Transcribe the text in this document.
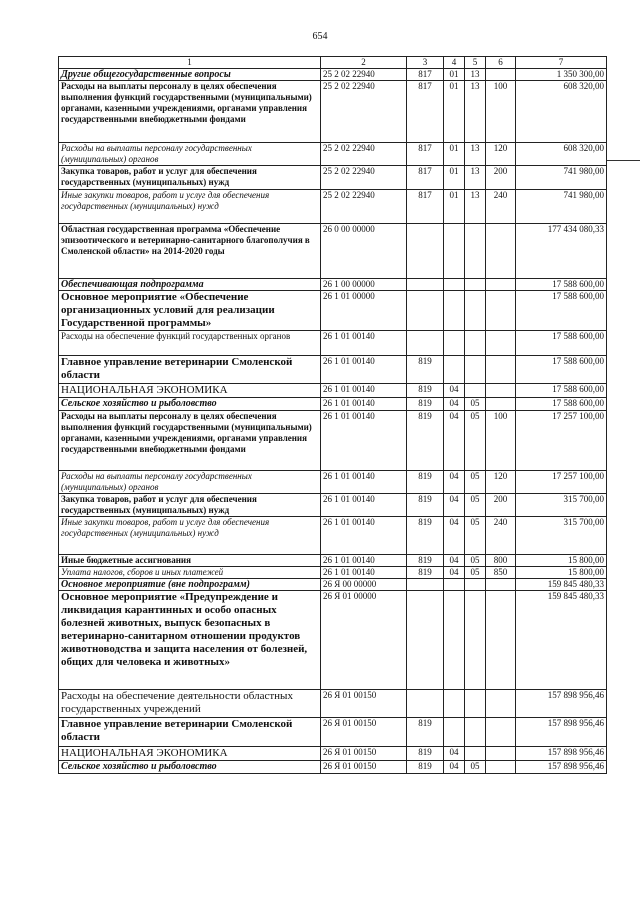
654
1	2	3	4	5	6	7
Другие общегосударственные вопросы	25 2 02 22940	817	01	13		1 350 300,00
Расходы на выплаты персоналу в целях обеспечения выполнения функций государственными (муниципальными) органами, казенными учреждениями, органами управления государственными внебюджетными фондами	25 2 02 22940	817	01	13	100	608 320,00
Расходы на выплаты персоналу государственных (муниципальных) органов	25 2 02 22940	817	01	13	120	608 320,00
Закупка товаров, работ и услуг для обеспечения государственных (муниципальных) нужд	25 2 02 22940	817	01	13	200	741 980,00
Иные закупки товаров, работ и услуг для обеспечения государственных (муниципальных) нужд	25 2 02 22940	817	01	13	240	741 980,00
Областная государственная программа «Обеспечение эпизоотического и ветеринарно-санитарного благополучия в Смоленской области» на 2014-2020 годы	26 0 00 00000					177 434 080,33
Обеспечивающая подпрограмма	26 1 00 00000					17 588 600,00
Основное мероприятие «Обеспечение организационных условий для реализации Государственной программы»	26 1 01 00000					17 588 600,00
Расходы на обеспечение функций государственных органов	26 1 01 00140					17 588 600,00
Главное управление ветеринарии Смоленской области	26 1 01 00140	819				17 588 600,00
НАЦИОНАЛЬНАЯ ЭКОНОМИКА	26 1 01 00140	819	04			17 588 600,00
Сельское хозяйство и рыболовство	26 1 01 00140	819	04	05		17 588 600,00
Расходы на выплаты персоналу в целях обеспечения выполнения функций государственными (муниципальными) органами, казенными учреждениями, органами управления государственными внебюджетными фондами	26 1 01 00140	819	04	05	100	17 257 100,00
Расходы на выплаты персоналу государственных (муниципальных) органов	26 1 01 00140	819	04	05	120	17 257 100,00
Закупка товаров, работ и услуг для обеспечения государственных (муниципальных) нужд	26 1 01 00140	819	04	05	200	315 700,00
Иные закупки товаров, работ и услуг для обеспечения государственных (муниципальных) нужд	26 1 01 00140	819	04	05	240	315 700,00
Иные бюджетные ассигнования	26 1 01 00140	819	04	05	800	15 800,00
Уплата налогов, сборов и иных платежей	26 1 01 00140	819	04	05	850	15 800,00
Основное мероприятие (вне подпрограмм)	26 Я 00 00000					159 845 480,33
Основное мероприятие «Предупреждение и ликвидация карантинных и особо опасных болезней животных, выпуск безопасных в ветеринарно-санитарном отношении продуктов животноводства и защита населения от болезней, общих для человека и животных»	26 Я 01 00000					159 845 480,33
Расходы на обеспечение деятельности областных государственных учреждений	26 Я 01 00150					157 898 956,46
Главное управление ветеринарии Смоленской области	26 Я 01 00150	819				157 898 956,46
НАЦИОНАЛЬНАЯ ЭКОНОМИКА	26 Я 01 00150	819	04			157 898 956,46
Сельское хозяйство и рыболовство	26 Я 01 00150	819	04	05		157 898 956,46
